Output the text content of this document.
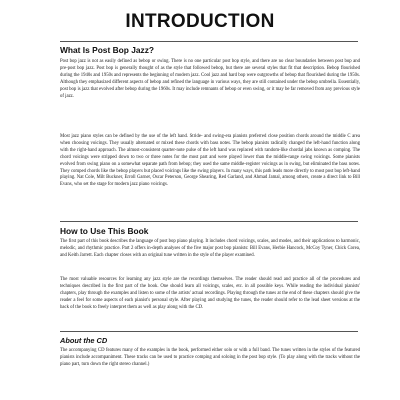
INTRODUCTION
What Is Post Bop Jazz?

Post bop jazz is not as easily defined as bebop or swing. There is no one particular post bop style, and there are no clear boundaries between post bop and pre-post bop jazz. Post bop is generally thought of as the style that followed bebop, but there are several styles that fit that description. Bebop flourished during the 1940s and 1950s and represents the beginning of modern jazz. Cool jazz and hard bop were outgrowths of bebop that flourished during the 1950s. Although they emphasized different aspects of bebop and refined the language in various ways, they are still contained under the bebop umbrella. Essentially, post bop is jazz that evolved after bebop during the 1960s. It may include remnants of bebop or even swing, or it may be far removed from any previous style of jazz.

Most jazz piano styles can be defined by the use of the left hand. Stride- and swing-era pianists preferred close position chords around the middle C area when choosing voicings. They usually alternated or mixed these chords with bass notes. The bebop pianists radically changed the left-hand function along with the right-hand approach. The almost-consistent quarter-note pulse of the left hand was replaced with random-like chordal jabs known as comping. The chord voicings were stripped down to two or three notes for the most part and were played lower than the middle-range swing voicings. Some pianists evolved from swing piano on a somewhat separate path from bebop; they used the same middle-register voicings as in swing, but eliminated the bass notes. They comped chords like the bebop players but placed voicings like the swing players. In many ways, this path leads more directly to most post bop left-hand playing. Nat Cole, Milt Buckner, Erroll Garner, Oscar Peterson, George Shearing, Red Garland, and Ahmad Jamal, among others, create a direct link to Bill Evans, who set the stage for modern jazz piano voicings.

How to Use This Book

The first part of this book describes the language of post bop piano playing. It includes chord voicings, scales, and modes, and their applications to harmonic, melodic, and rhythmic practice. Part 2 offers in-depth analyses of the five major post bop pianists: Bill Evans, Herbie Hancock, McCoy Tyner, Chick Corea, and Keith Jarrett. Each chapter closes with an original tune written in the style of the player examined.

The most valuable resources for learning any jazz style are the recordings themselves. The reader should read and practice all of the procedures and techniques described in the first part of the book. One should learn all voicings, scales, etc. in all possible keys. While reading the individual pianists' chapters, play through the examples and listen to some of the artists' actual recordings. Playing through the tunes at the end of these chapters should give the reader a feel for some aspects of each pianist's personal style. After playing and studying the tunes, the reader should refer to the lead sheet versions at the back of the book to freely interpret them as well as play along with the CD.

About the CD

The accompanying CD features many of the examples in the book, performed either solo or with a full band. The tunes written in the styles of the featured pianists include accompaniment. These tracks can be used to practice comping and soloing in the post bop style. (To play along with the tracks without the piano part, turn down the right stereo channel.)
